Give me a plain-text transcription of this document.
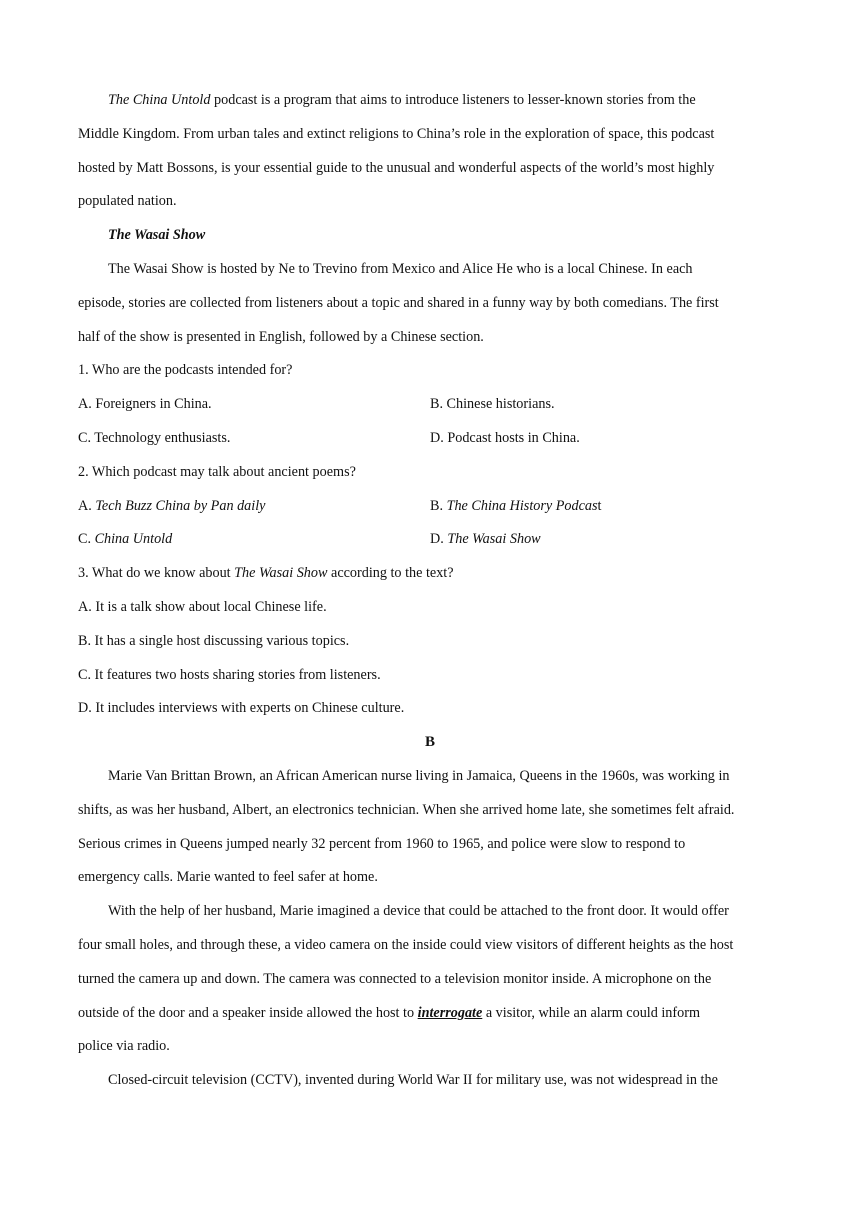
The China Untold podcast is a program that aims to introduce listeners to lesser-known stories from the

Middle Kingdom. From urban tales and extinct religions to China’s role in the exploration of space, this podcast

hosted by Matt Bossons, is your essential guide to the unusual and wonderful aspects of the world’s most highly

populated nation.

The Wasai Show

The Wasai Show is hosted by Ne to Trevino from Mexico and Alice He who is a local Chinese. In each

episode, stories are collected from listeners about a topic and shared in a funny way by both comedians. The first

half of the show is presented in English, followed by a Chinese section.

1. Who are the podcasts intended for?

A. Foreigners in China.	B. Chinese historians.

C. Technology enthusiasts.	D. Podcast hosts in China.

2. Which podcast may talk about ancient poems?

A. Tech Buzz China by Pan daily	B. The China History Podcast

C. China Untold	D. The Wasai Show

3. What do we know about The Wasai Show according to the text?

A. It is a talk show about local Chinese life.

B. It has a single host discussing various topics.

C. It features two hosts sharing stories from listeners.

D. It includes interviews with experts on Chinese culture.

B

Marie Van Brittan Brown, an African American nurse living in Jamaica, Queens in the 1960s, was working in

shifts, as was her husband, Albert, an electronics technician. When she arrived home late, she sometimes felt afraid.

Serious crimes in Queens jumped nearly 32 percent from 1960 to 1965, and police were slow to respond to

emergency calls. Marie wanted to feel safer at home.

With the help of her husband, Marie imagined a device that could be attached to the front door. It would offer

four small holes, and through these, a video camera on the inside could view visitors of different heights as the host

turned the camera up and down. The camera was connected to a television monitor inside. A microphone on the

outside of the door and a speaker inside allowed the host to interrogate a visitor, while an alarm could inform

police via radio.

Closed-circuit television (CCTV), invented during World War II for military use, was not widespread in the
